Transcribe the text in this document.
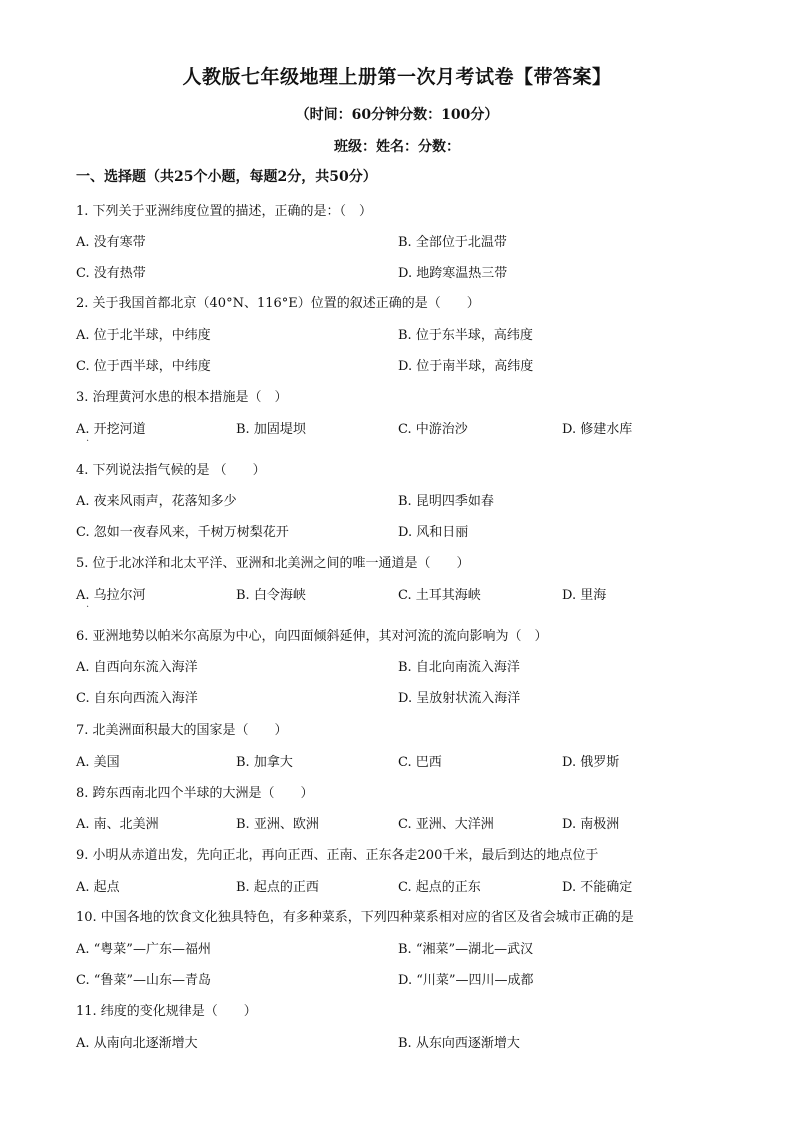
人教版七年级地理上册第一次月考试卷【带答案】
（时间：60分钟分数：100分）
班级：姓名：分数：
一、选择题（共25个小题，每题2分，共50分）
1. 下列关于亚洲纬度位置的描述，正确的是：（　）
A. 没有寒带	B. 全部位于北温带
C. 没有热带	D. 地跨寒温热三带
2. 关于我国首都北京（40°N、116°E）位置的叙述正确的是（　　）
A. 位于北半球，中纬度	B. 位于东半球，高纬度
C. 位于西半球，中纬度	D. 位于南半球，高纬度
3. 治理黄河水患的根本措施是（　）
A. 开挖河道	B. 加固堤坝	C. 中游治沙	D. 修建水库
·
4. 下列说法指气候的是 （　　）
A. 夜来风雨声，花落知多少	B. 昆明四季如春
C. 忽如一夜春风来，千树万树梨花开	D. 风和日丽
5. 位于北冰洋和北太平洋、亚洲和北美洲之间的唯一通道是（　　）
A. 乌拉尔河	B. 白令海峡	C. 土耳其海峡	D. 里海
·
6. 亚洲地势以帕米尔高原为中心，向四面倾斜延伸，其对河流的流向影响为（　）
A. 自西向东流入海洋	B. 自北向南流入海洋
C. 自东向西流入海洋	D. 呈放射状流入海洋
7. 北美洲面积最大的国家是（　　）
A. 美国	B. 加拿大	C. 巴西	D. 俄罗斯
8. 跨东西南北四个半球的大洲是（　　）
A. 南、北美洲	B. 亚洲、欧洲	C. 亚洲、大洋洲	D. 南极洲
9. 小明从赤道出发，先向正北，再向正西、正南、正东各走200千米，最后到达的地点位于
A. 起点	B. 起点的正西	C. 起点的正东	D. 不能确定
10. 中国各地的饮食文化独具特色，有多种菜系，下列四种菜系相对应的省区及省会城市正确的是
A. “粤菜”—广东—福州	B. “湘菜”—湖北—武汉
C. “鲁菜”—山东—青岛	D. “川菜”—四川—成都
11. 纬度的变化规律是（　　）
A. 从南向北逐渐增大	B. 从东向西逐渐增大
